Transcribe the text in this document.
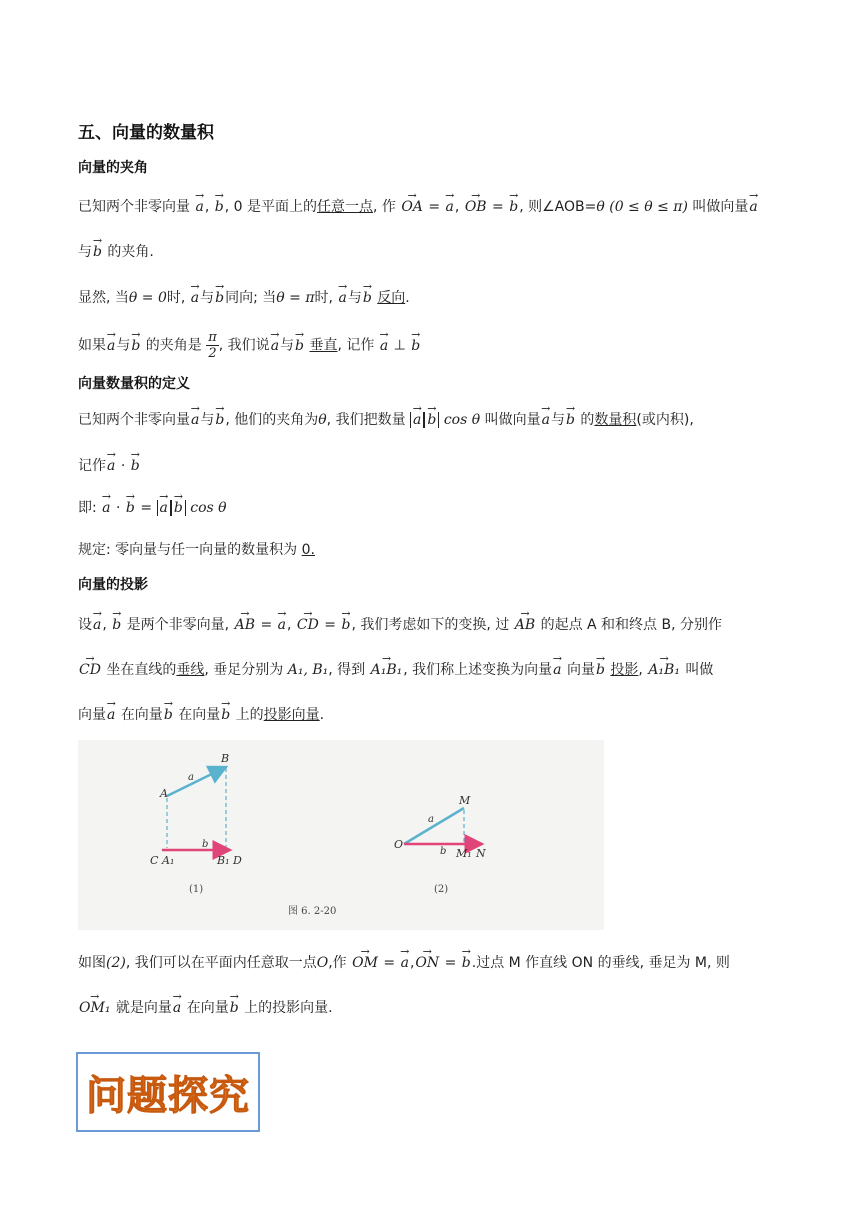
五、向量的数量积
向量的夹角
已知两个非零向量 → a, → b, 0 是平面上的任意一点, 作 → OA = → a, → OB = → b, 则∠AOB=θ (0 ≤ θ ≤ π) 叫做向量→ a
与→ b 的夹角.
显然, 当θ = 0时, → a与→ b同向; 当θ = π时, → a与→ b 反向.
如果→ a与→ b 的夹角是 $\frac{\pi}{2}$ , 我们说→ a与→ b 垂直, 记作 → a ⊥ → b
向量数量积的定义
已知两个非零向量→ a与→ b, 他们的夹角为θ, 我们把数量 → a → b cos θ 叫做向量→ a与→ b 的数量积(或内积),
记作→ a · → b
即: → a · → b = → a → b cos θ
规定: 零向量与任一向量的数量积为 0.
向量的投影
设→ a, → b 是两个非零向量, → AB = → a, → CD = → b, 我们考虑如下的变换, 过 → AB 的起点 A 和和终点 B, 分别作
→ CD 坐在直线的垂线, 垂足分别为 A₁, B₁, 得到 → A₁B₁, 我们称上述变换为向量→ a 向量→ b 投影, → A₁B₁ 叫做
向量→ a 在向量→ b 在向量→ b 上的投影向量.
a
b
A
B
C A₁	B₁ D
(1)
a
b
O
M
M₁ N
(2)
图 6. 2-20
如图(2), 我们可以在平面内任意取一点O,作 → OM = → a,→ ON = → b.过点 M 作直线 ON 的垂线, 垂足为 M, 则
→ OM₁ 就是向量→ a 在向量→ b 上的投影向量.
问题探究
